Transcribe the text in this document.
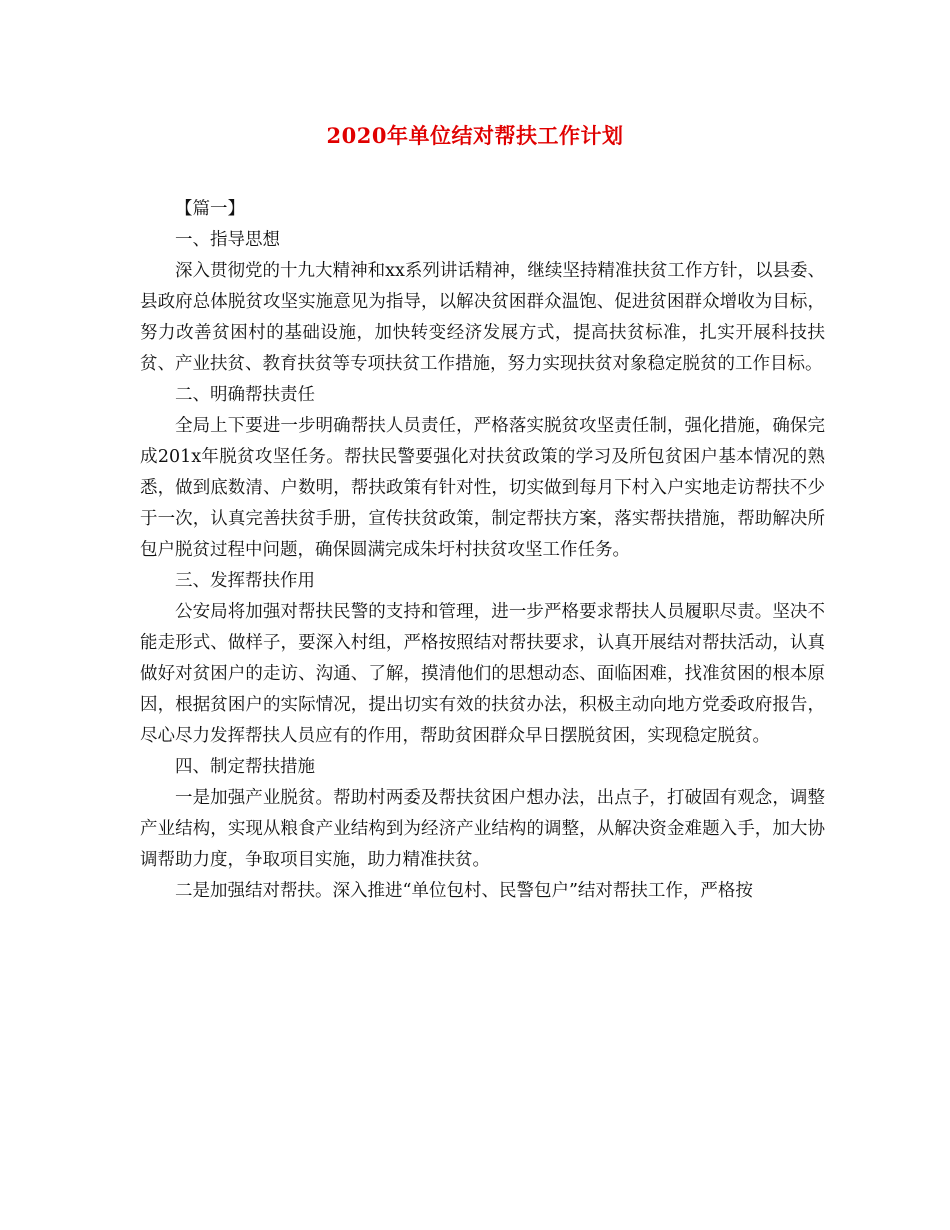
2020年单位结对帮扶工作计划

【篇一】

一、指导思想

深入贯彻党的十九大精神和xx系列讲话精神，继续坚持精准扶贫工作方针，以县委、县政府总体脱贫攻坚实施意见为指导，以解决贫困群众温饱、促进贫困群众增收为目标，努力改善贫困村的基础设施，加快转变经济发展方式，提高扶贫标准，扎实开展科技扶贫、产业扶贫、教育扶贫等专项扶贫工作措施，努力实现扶贫对象稳定脱贫的工作目标。

二、明确帮扶责任

全局上下要进一步明确帮扶人员责任，严格落实脱贫攻坚责任制，强化措施，确保完成201x年脱贫攻坚任务。帮扶民警要强化对扶贫政策的学习及所包贫困户基本情况的熟悉，做到底数清、户数明，帮扶政策有针对性，切实做到每月下村入户实地走访帮扶不少于一次，认真完善扶贫手册，宣传扶贫政策，制定帮扶方案，落实帮扶措施，帮助解决所包户脱贫过程中问题，确保圆满完成朱圩村扶贫攻坚工作任务。

三、发挥帮扶作用

公安局将加强对帮扶民警的支持和管理，进一步严格要求帮扶人员履职尽责。坚决不能走形式、做样子，要深入村组，严格按照结对帮扶要求，认真开展结对帮扶活动，认真做好对贫困户的走访、沟通、了解，摸清他们的思想动态、面临困难，找准贫困的根本原因，根据贫困户的实际情况，提出切实有效的扶贫办法，积极主动向地方党委政府报告，尽心尽力发挥帮扶人员应有的作用，帮助贫困群众早日摆脱贫困，实现稳定脱贫。

四、制定帮扶措施

一是加强产业脱贫。帮助村两委及帮扶贫困户想办法，出点子，打破固有观念，调整产业结构，实现从粮食产业结构到为经济产业结构的调整，从解决资金难题入手，加大协调帮助力度，争取项目实施，助力精准扶贫。

二是加强结对帮扶。深入推进“单位包村、民警包户”结对帮扶工作，严格按
